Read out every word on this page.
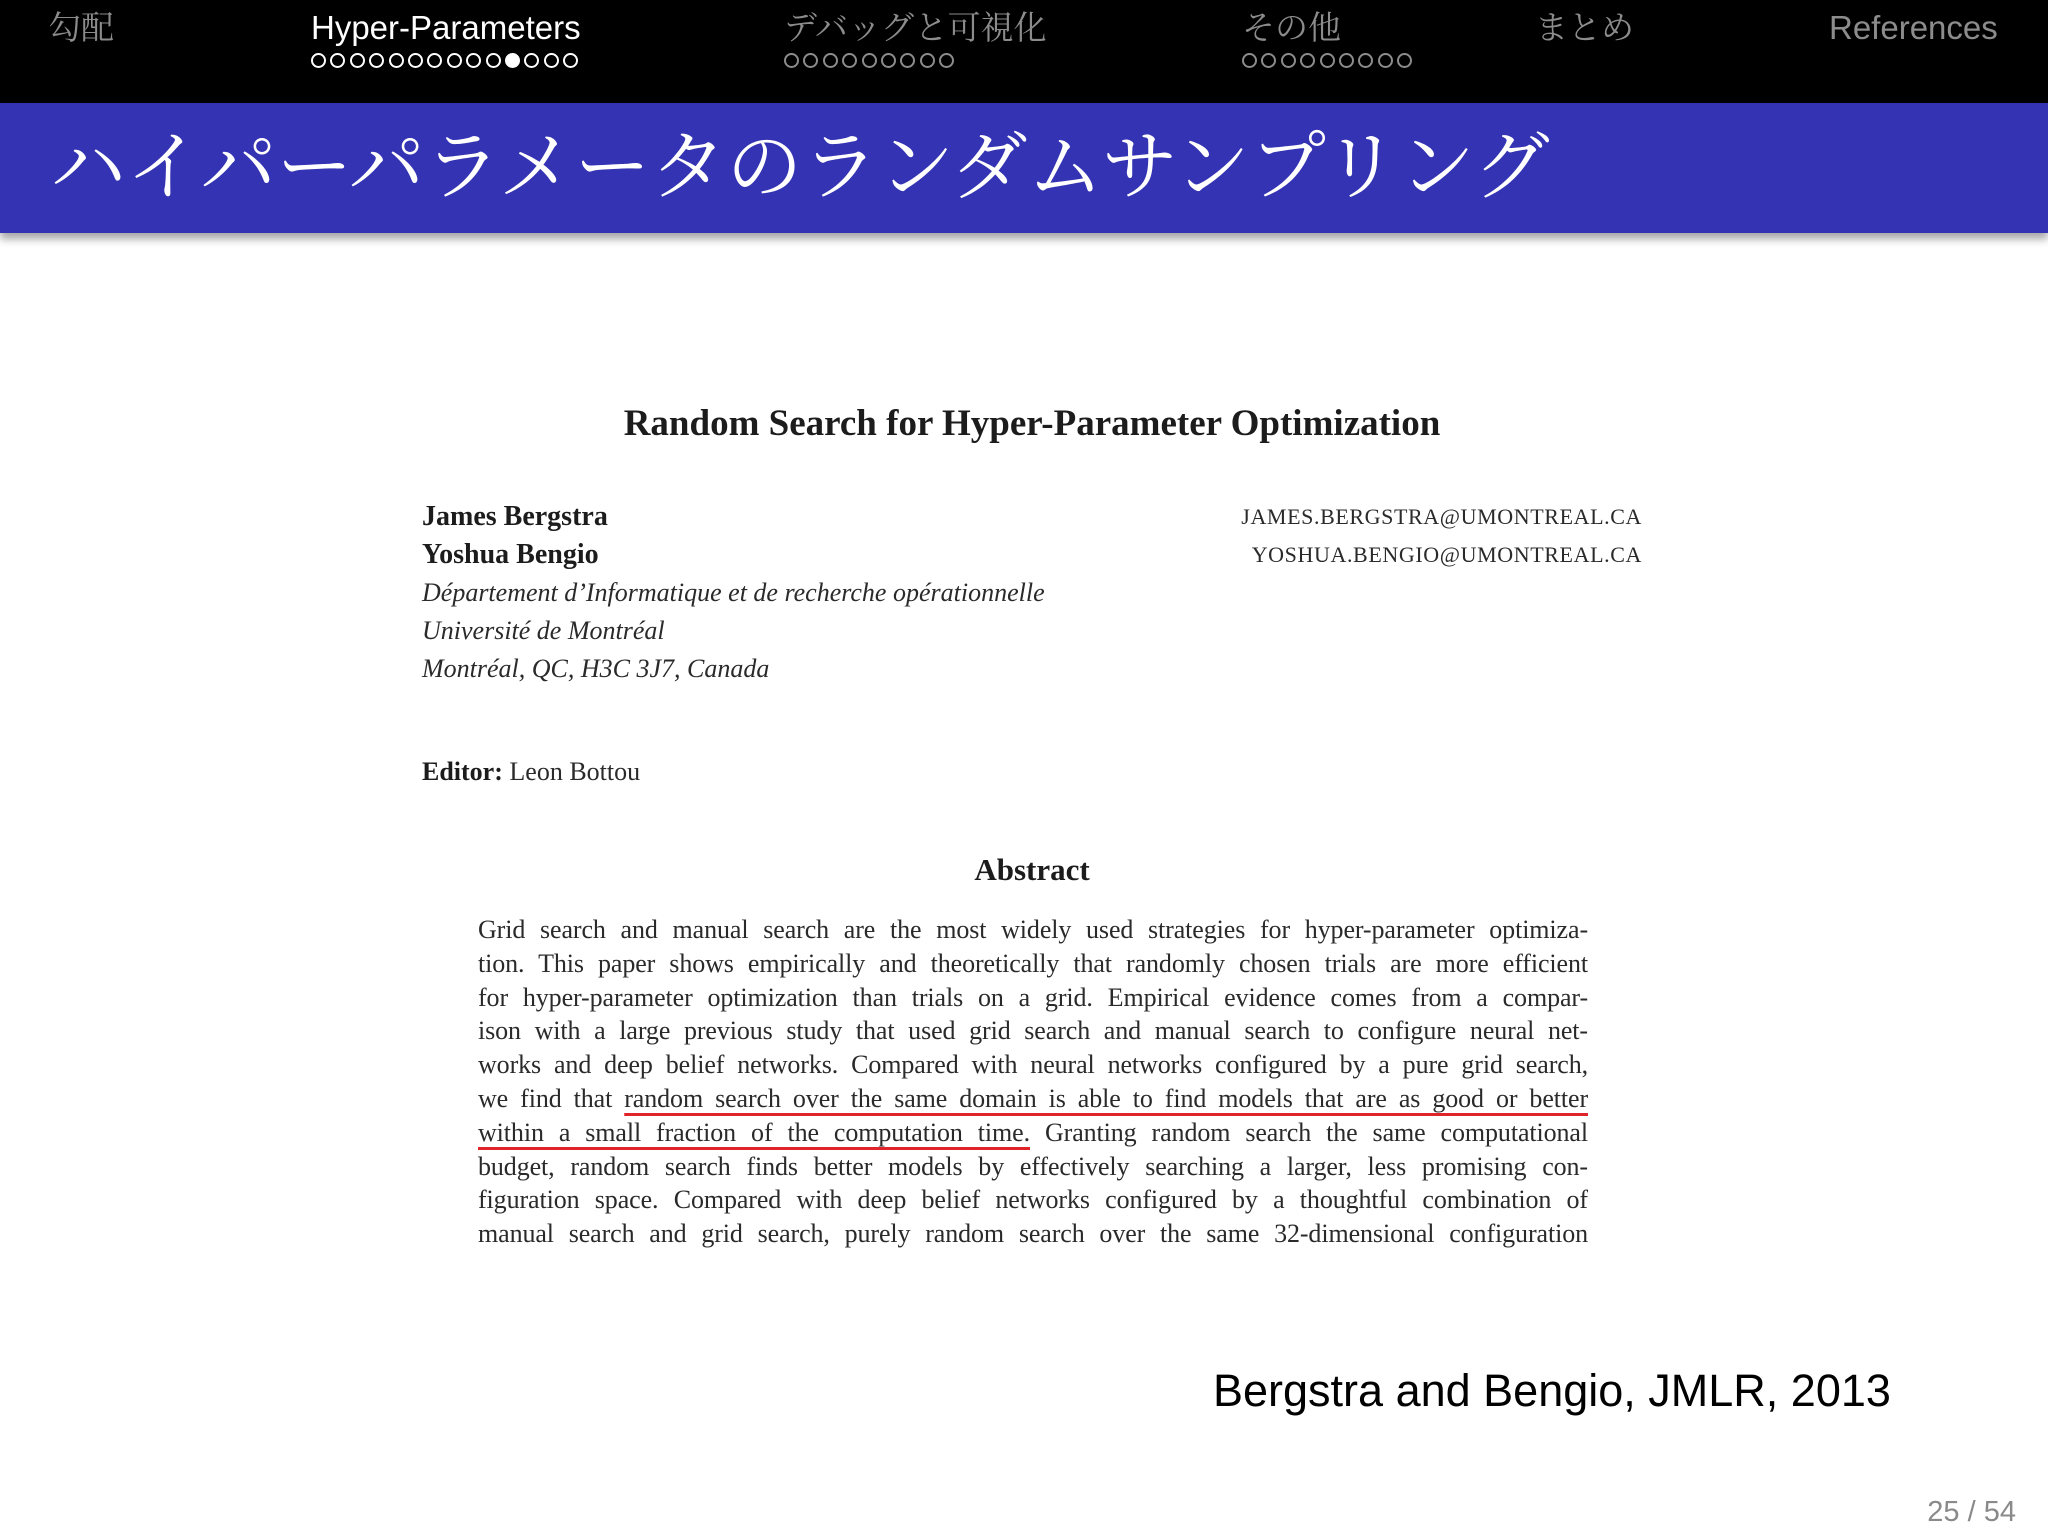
勾配	Hyper-Parameters	デバッグと可視化	その他	まとめ	References
ハイパーパラメータのランダムサンプリング
Random Search for Hyper-Parameter Optimization
James Bergstra
Yoshua Bengio
JAMES.BERGSTRA@UMONTREAL.CA
YOSHUA.BENGIO@UMONTREAL.CA
Département d’Informatique et de recherche opérationnelle
Université de Montréal
Montréal, QC, H3C 3J7, Canada
Editor: Leon Bottou
Abstract
Grid search and manual search are the most widely used strategies for hyper-parameter optimiza-
tion. This paper shows empirically and theoretically that randomly chosen trials are more efficient
for hyper-parameter optimization than trials on a grid. Empirical evidence comes from a compar-
ison with a large previous study that used grid search and manual search to configure neural net-
works and deep belief networks. Compared with neural networks configured by a pure grid search,
we find that random search over the same domain is able to find models that are as good or better
within a small fraction of the computation time. Granting random search the same computational
budget, random search finds better models by effectively searching a larger, less promising con-
figuration space. Compared with deep belief networks configured by a thoughtful combination of
manual search and grid search, purely random search over the same 32-dimensional configuration
Bergstra and Bengio, JMLR, 2013
25 / 54
